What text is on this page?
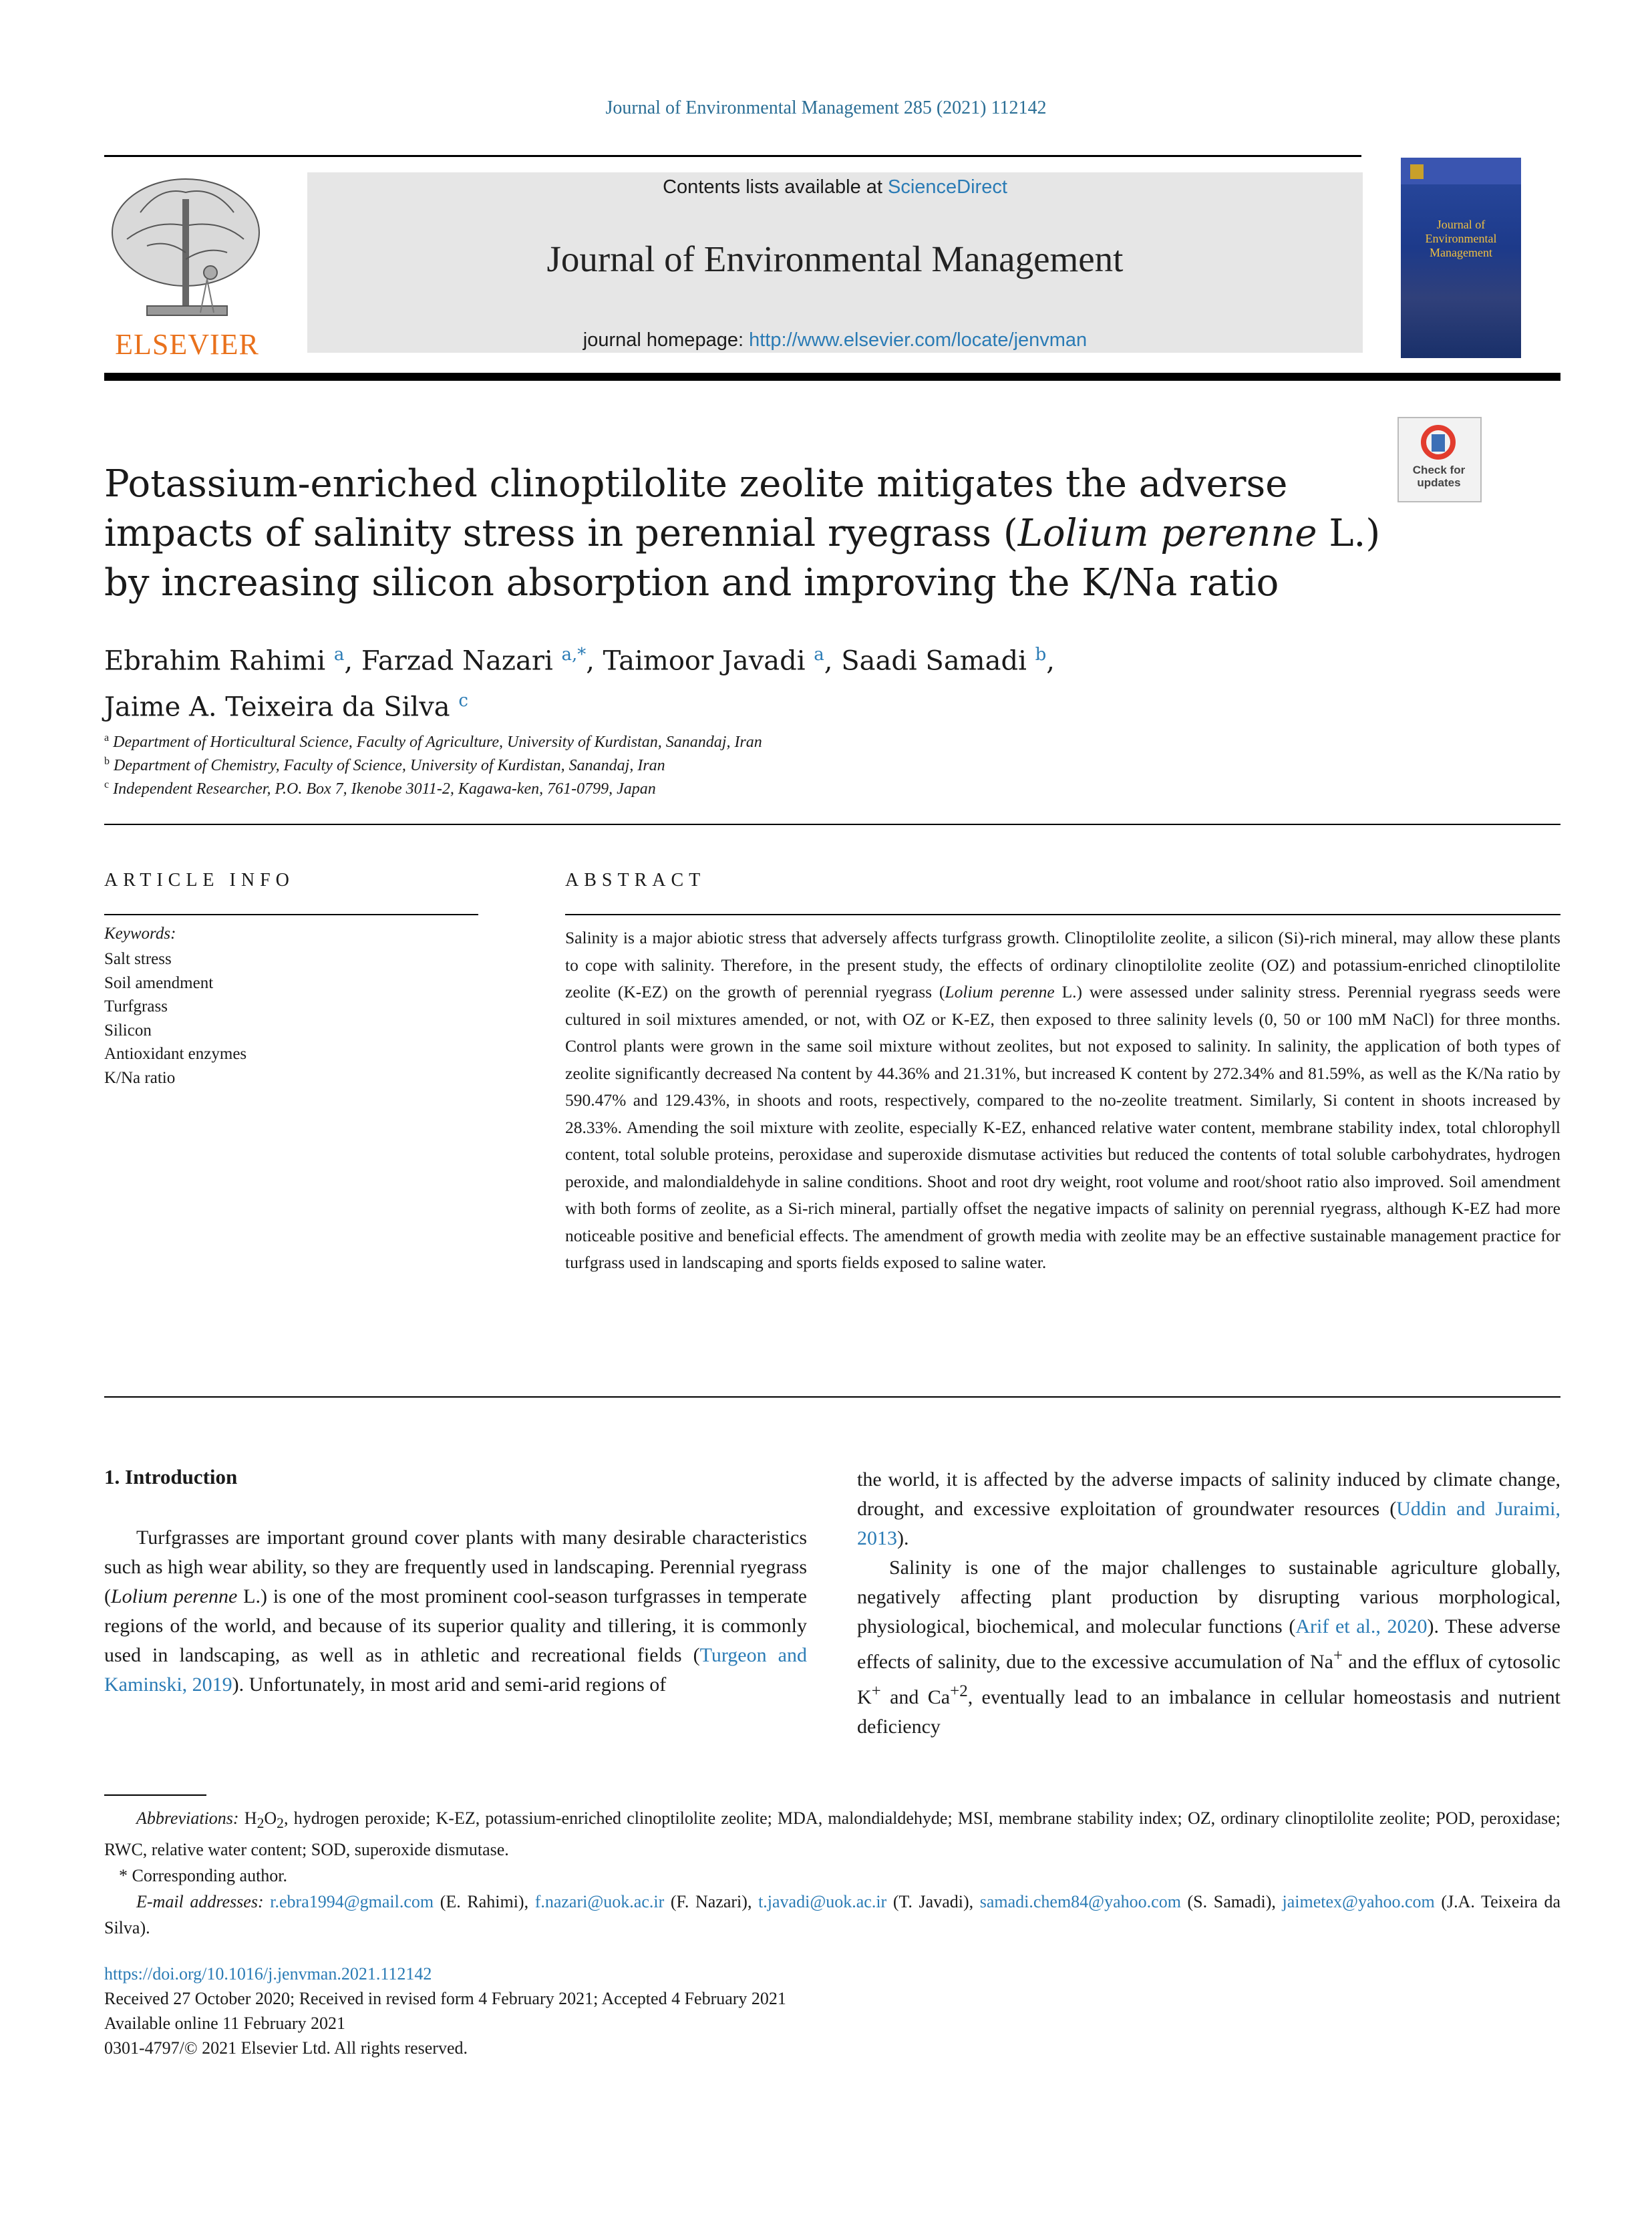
Journal of Environmental Management 285 (2021) 112142
ELSEVIER
Contents lists available at ScienceDirect
Journal of Environmental Management
journal homepage: http://www.elsevier.com/locate/jenvman
Journal of
Environmental
Management
Check for
updates
Potassium-enriched clinoptilolite zeolite mitigates the adverse impacts of salinity stress in perennial ryegrass (Lolium perenne L.) by increasing silicon absorption and improving the K/Na ratio
Ebrahim Rahimi $^a$, Farzad Nazari $^{a,*}$, Taimoor Javadi $^a$, Saadi Samadi $^b$,
Jaime A. Teixeira da Silva $^c$
$^a$ Department of Horticultural Science, Faculty of Agriculture, University of Kurdistan, Sanandaj, Iran
$^b$ Department of Chemistry, Faculty of Science, University of Kurdistan, Sanandaj, Iran
$^c$ Independent Researcher, P.O. Box 7, Ikenobe 3011-2, Kagawa-ken, 761-0799, Japan
ARTICLE INFO	ABSTRACT
Keywords:
Salt stress
Soil amendment
Turfgrass
Silicon
Antioxidant enzymes
K/Na ratio
Salinity is a major abiotic stress that adversely affects turfgrass growth. Clinoptilolite zeolite, a silicon (Si)-rich mineral, may allow these plants to cope with salinity. Therefore, in the present study, the effects of ordinary clinoptilolite zeolite (OZ) and potassium-enriched clinoptilolite zeolite (K-EZ) on the growth of perennial ryegrass (Lolium perenne L.) were assessed under salinity stress. Perennial ryegrass seeds were cultured in soil mixtures amended, or not, with OZ or K-EZ, then exposed to three salinity levels (0, 50 or 100 mM NaCl) for three months. Control plants were grown in the same soil mixture without zeolites, but not exposed to salinity. In salinity, the application of both types of zeolite significantly decreased Na content by 44.36% and 21.31%, but increased K content by 272.34% and 81.59%, as well as the K/Na ratio by 590.47% and 129.43%, in shoots and roots, respectively, compared to the no-zeolite treatment. Similarly, Si content in shoots increased by 28.33%. Amending the soil mixture with zeolite, especially K-EZ, enhanced relative water content, membrane stability index, total chlorophyll content, total soluble proteins, peroxidase and superoxide dismutase activities but reduced the contents of total soluble carbohydrates, hydrogen peroxide, and malondialdehyde in saline conditions. Shoot and root dry weight, root volume and root/shoot ratio also improved. Soil amendment with both forms of zeolite, as a Si-rich mineral, partially offset the negative impacts of salinity on perennial ryegrass, although K-EZ had more noticeable positive and beneficial effects. The amendment of growth media with zeolite may be an effective sustainable management practice for turfgrass used in landscaping and sports fields exposed to saline water.
1. Introduction

Turfgrasses are important ground cover plants with many desirable characteristics such as high wear ability, so they are frequently used in landscaping. Perennial ryegrass (Lolium perenne L.) is one of the most prominent cool-season turfgrasses in temperate regions of the world, and because of its superior quality and tillering, it is commonly used in landscaping, as well as in athletic and recreational fields (Turgeon and Kaminski, 2019). Unfortunately, in most arid and semi-arid regions of

the world, it is affected by the adverse impacts of salinity induced by climate change, drought, and excessive exploitation of groundwater resources (Uddin and Juraimi, 2013).

Salinity is one of the major challenges to sustainable agriculture globally, negatively affecting plant production by disrupting various morphological, physiological, biochemical, and molecular functions (Arif et al., 2020). These adverse effects of salinity, due to the excessive accumulation of Na+ and the efflux of cytosolic K+ and $Ca^{+2}$, eventually lead to an imbalance in cellular homeostasis and nutrient deficiency

Abbreviations: $H_2O_2$, hydrogen peroxide; K-EZ, potassium-enriched clinoptilolite zeolite; MDA, malondialdehyde; MSI, membrane stability index; OZ, ordinary clinoptilolite zeolite; POD, peroxidase; RWC, relative water content; SOD, superoxide dismutase.

* Corresponding author.

E-mail addresses: r.ebra1994@gmail.com (E. Rahimi), f.nazari@uok.ac.ir (F. Nazari), t.javadi@uok.ac.ir (T. Javadi), samadi.chem84@yahoo.com (S. Samadi), jaimetex@yahoo.com (J.A. Teixeira da Silva).

https://doi.org/10.1016/j.jenvman.2021.112142

Received 27 October 2020; Received in revised form 4 February 2021; Accepted 4 February 2021

Available online 11 February 2021

0301-4797/© 2021 Elsevier Ltd. All rights reserved.
